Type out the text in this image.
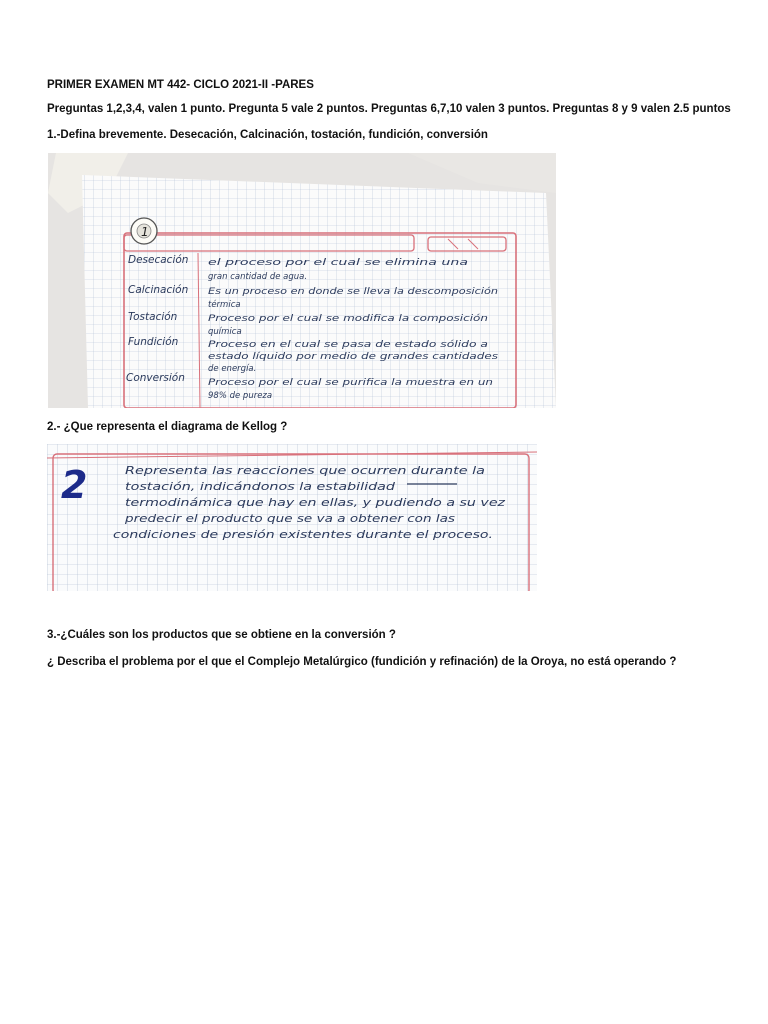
PRIMER EXAMEN MT 442- CICLO 2021-II -PARES
Preguntas 1,2,3,4, valen 1 punto. Pregunta 5 vale 2 puntos. Preguntas 6,7,10 valen 3 puntos. Preguntas 8 y 9 valen 2.5 puntos
1.-Defina brevemente. Desecación, Calcinación, tostación, fundición, conversión
1
Desecación
Calcinación
Tostación
Fundición
Conversión
el proceso por el cual se elimina una
gran cantidad de agua.
Es un proceso en donde se lleva la descomposición
térmica
Proceso por el cual se modifica la composición
química
Proceso en el cual se pasa de estado sólido a
estado líquido por medio de grandes cantidades
de energía.
Proceso por el cual se purifica la muestra en un
98% de pureza
2.- ¿Que representa el diagrama de Kellog ?
2	Representa las reacciones que ocurren durante la
tostación, indicándonos la estabilidad
termodinámica que hay en ellas, y pudiendo a su vez
predecir el producto que se va a obtener con las
condiciones de presión existentes durante el proceso.
3.-¿Cuáles son los productos que se obtiene en la conversión ?
¿ Describa el problema por el que el Complejo Metalúrgico (fundición y refinación) de la Oroya, no está operando ?
